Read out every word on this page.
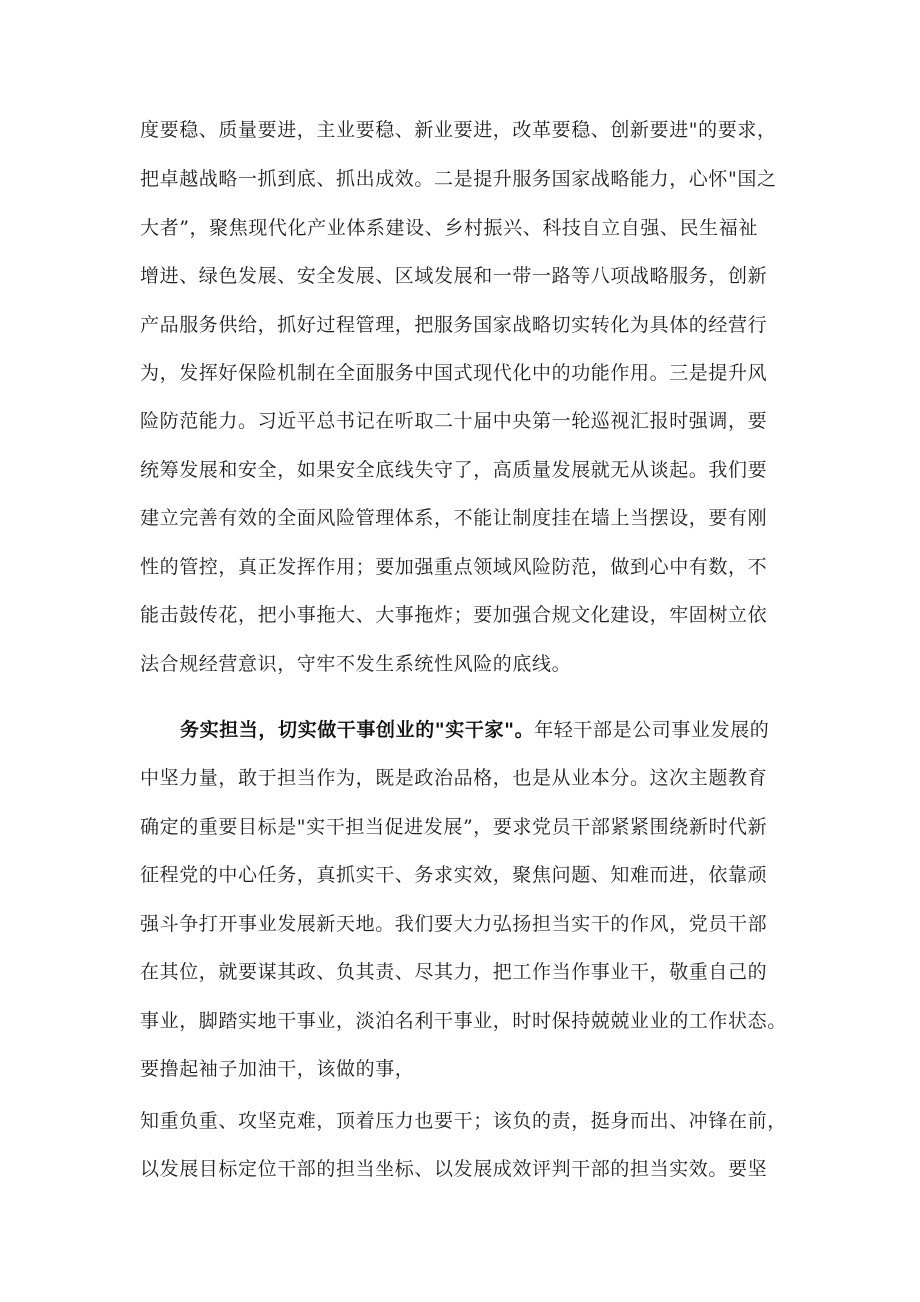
度要稳、质量要进，主业要稳、新业要进，改革要稳、创新要进"的要求，
把卓越战略一抓到底、抓出成效。二是提升服务国家战略能力，心怀"国之
大者”，聚焦现代化产业体系建设、乡村振兴、科技自立自强、民生福祉
增进、绿色发展、安全发展、区域发展和一带一路等八项战略服务，创新
产品服务供给，抓好过程管理，把服务国家战略切实转化为具体的经营行
为，发挥好保险机制在全面服务中国式现代化中的功能作用。三是提升风
险防范能力。习近平总书记在听取二十届中央第一轮巡视汇报时强调，要
统筹发展和安全，如果安全底线失守了，高质量发展就无从谈起。我们要
建立完善有效的全面风险管理体系，不能让制度挂在墙上当摆设，要有刚
性的管控，真正发挥作用；要加强重点领域风险防范，做到心中有数，不
能击鼓传花，把小事拖大、大事拖炸；要加强合规文化建设，牢固树立依
法合规经营意识，守牢不发生系统性风险的底线。
务实担当，切实做干事创业的"实干家"。年轻干部是公司事业发展的
中坚力量，敢于担当作为，既是政治品格，也是从业本分。这次主题教育
确定的重要目标是"实干担当促进发展”，要求党员干部紧紧围绕新时代新
征程党的中心任务，真抓实干、务求实效，聚焦问题、知难而进，依靠顽
强斗争打开事业发展新天地。我们要大力弘扬担当实干的作风，党员干部
在其位，就要谋其政、负其责、尽其力，把工作当作事业干，敬重自己的
事业，脚踏实地干事业，淡泊名利干事业，时时保持兢兢业业的工作状态。
要撸起袖子加油干，该做的事，
知重负重、攻坚克难，顶着压力也要干；该负的责，挺身而出、冲锋在前，
以发展目标定位干部的担当坐标、以发展成效评判干部的担当实效。要坚
